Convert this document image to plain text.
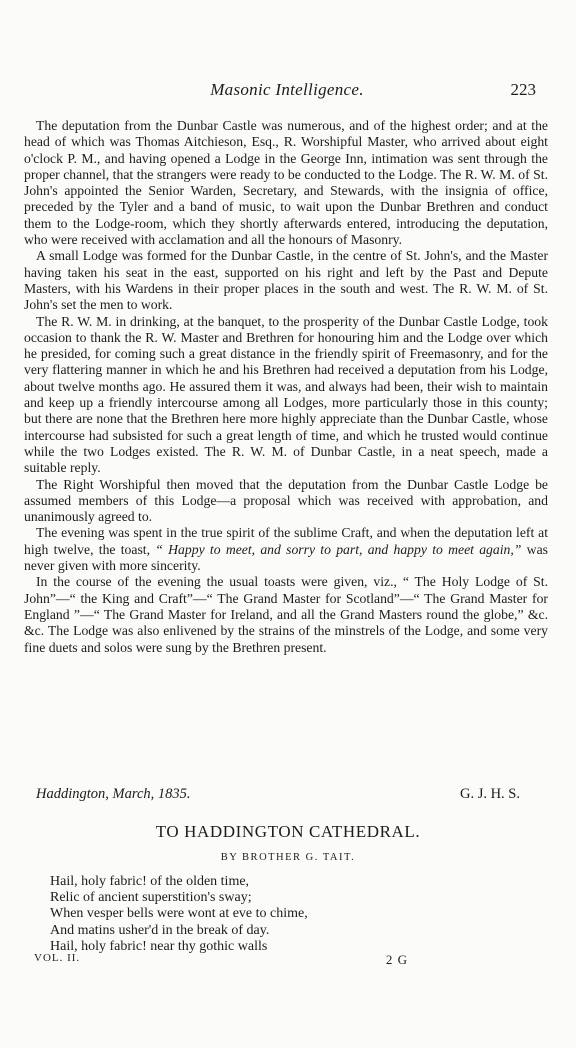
Masonic Intelligence.	223

The deputation from the Dunbar Castle was numerous, and of the highest order; and at the head of which was Thomas Aitchieson, Esq., R. Worshipful Master, who arrived about eight o'clock P. M., and having opened a Lodge in the George Inn, intimation was sent through the proper channel, that the strangers were ready to be conducted to the Lodge. The R. W. M. of St. John's appointed the Senior Warden, Secretary, and Stewards, with the insignia of office, preceded by the Tyler and a band of music, to wait upon the Dunbar Brethren and conduct them to the Lodge-room, which they shortly afterwards entered, introducing the deputation, who were received with acclamation and all the honours of Masonry.

A small Lodge was formed for the Dunbar Castle, in the centre of St. John's, and the Master having taken his seat in the east, supported on his right and left by the Past and Depute Masters, with his Wardens in their proper places in the south and west. The R. W. M. of St. John's set the men to work.

The R. W. M. in drinking, at the banquet, to the prosperity of the Dunbar Castle Lodge, took occasion to thank the R. W. Master and Brethren for honouring him and the Lodge over which he presided, for coming such a great distance in the friendly spirit of Freemasonry, and for the very flattering manner in which he and his Brethren had received a deputation from his Lodge, about twelve months ago. He assured them it was, and always had been, their wish to maintain and keep up a friendly intercourse among all Lodges, more particularly those in this county; but there are none that the Brethren here more highly appreciate than the Dunbar Castle, whose intercourse had subsisted for such a great length of time, and which he trusted would continue while the two Lodges existed. The R. W. M. of Dunbar Castle, in a neat speech, made a suitable reply.

The Right Worshipful then moved that the deputation from the Dunbar Castle Lodge be assumed members of this Lodge—a proposal which was received with approbation, and unanimously agreed to.

The evening was spent in the true spirit of the sublime Craft, and when the deputation left at high twelve, the toast, “ Happy to meet, and sorry to part, and happy to meet again,” was never given with more sincerity.

In the course of the evening the usual toasts were given, viz., “ The Holy Lodge of St. John”—“ the King and Craft”—“ The Grand Master for Scotland”—“ The Grand Master for England ”—“ The Grand Master for Ireland, and all the Grand Masters round the globe,” &c. &c. The Lodge was also enlivened by the strains of the minstrels of the Lodge, and some very fine duets and solos were sung by the Brethren present.

Haddington, March, 1835.	G. J. H. S.
TO HADDINGTON CATHEDRAL.
BY BROTHER G. TAIT.
Hail, holy fabric! of the olden time,
Relic of ancient superstition's sway;
When vesper bells were wont at eve to chime,
And matins usher'd in the break of day.
Hail, holy fabric! near thy gothic walls
VOL. II.	2 G
